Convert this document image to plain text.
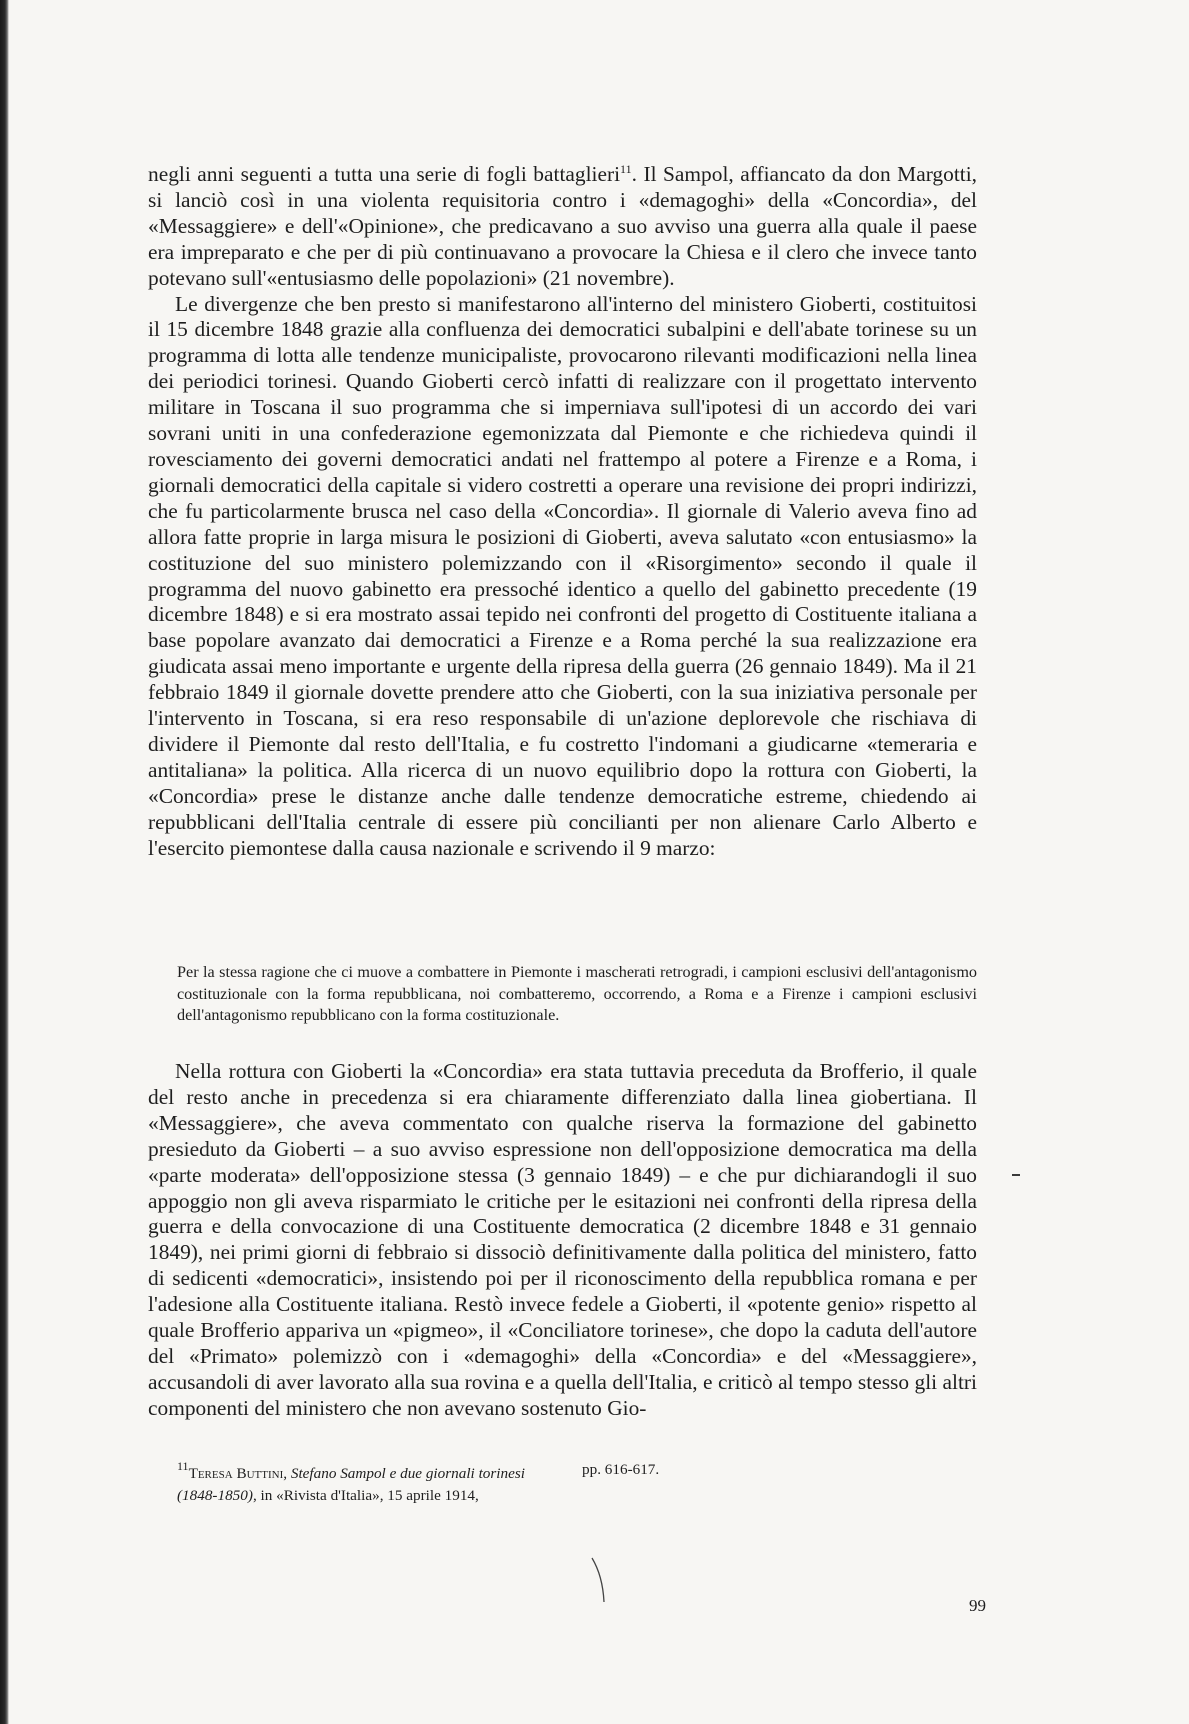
negli anni seguenti a tutta una serie di fogli battaglieri$^{11}$. Il Sampol, affiancato da don Margotti, si lanciò così in una violenta requisitoria contro i «demagoghi» della «Concordia», del «Messaggiere» e dell'«Opinione», che predicavano a suo avviso una guerra alla quale il paese era impreparato e che per di più continuavano a provocare la Chiesa e il clero che invece tanto potevano sull'«entusiasmo delle popolazioni» (21 novembre).

Le divergenze che ben presto si manifestarono all'interno del ministero Gioberti, costituitosi il 15 dicembre 1848 grazie alla confluenza dei democratici subalpini e dell'abate torinese su un programma di lotta alle tendenze municipaliste, provocarono rilevanti modificazioni nella linea dei periodici torinesi. Quando Gioberti cercò infatti di realizzare con il progettato intervento militare in Toscana il suo programma che si imperniava sull'ipotesi di un accordo dei vari sovrani uniti in una confederazione egemonizzata dal Piemonte e che richiedeva quindi il rovesciamento dei governi democratici andati nel frattempo al potere a Firenze e a Roma, i giornali democratici della capitale si videro costretti a operare una revisione dei propri indirizzi, che fu particolarmente brusca nel caso della «Concordia». Il giornale di Valerio aveva fino ad allora fatte proprie in larga misura le posizioni di Gioberti, aveva salutato «con entusiasmo» la costituzione del suo ministero polemizzando con il «Risorgimento» secondo il quale il programma del nuovo gabinetto era pressoché identico a quello del gabinetto precedente (19 dicembre 1848) e si era mostrato assai tepido nei confronti del progetto di Costituente italiana a base popolare avanzato dai democratici a Firenze e a Roma perché la sua realizzazione era giudicata assai meno importante e urgente della ripresa della guerra (26 gennaio 1849). Ma il 21 febbraio 1849 il giornale dovette prendere atto che Gioberti, con la sua iniziativa personale per l'intervento in Toscana, si era reso responsabile di un'azione deplorevole che rischiava di dividere il Piemonte dal resto dell'Italia, e fu costretto l'indomani a giudicarne «temeraria e antitaliana» la politica. Alla ricerca di un nuovo equilibrio dopo la rottura con Gioberti, la «Concordia» prese le distanze anche dalle tendenze democratiche estreme, chiedendo ai repubblicani dell'Italia centrale di essere più concilianti per non alienare Carlo Alberto e l'esercito piemontese dalla causa nazionale e scrivendo il 9 marzo:

Per la stessa ragione che ci muove a combattere in Piemonte i mascherati retrogradi, i campioni esclusivi dell'antagonismo costituzionale con la forma repubblicana, noi combatteremo, occorrendo, a Roma e a Firenze i campioni esclusivi dell'antagonismo repubblicano con la forma costituzionale.

Nella rottura con Gioberti la «Concordia» era stata tuttavia preceduta da Brofferio, il quale del resto anche in precedenza si era chiaramente differenziato dalla linea giobertiana. Il «Messaggiere», che aveva commentato con qualche riserva la formazione del gabinetto presieduto da Gioberti – a suo avviso espressione non dell'opposizione democratica ma della «parte moderata» dell'opposizione stessa (3 gennaio 1849) – e che pur dichiarandogli il suo appoggio non gli aveva risparmiato le critiche per le esitazioni nei confronti della ripresa della guerra e della convocazione di una Costituente democratica (2 dicembre 1848 e 31 gennaio 1849), nei primi giorni di febbraio si dissociò definitivamente dalla politica del ministero, fatto di sedicenti «democratici», insistendo poi per il riconoscimento della repubblica romana e per l'adesione alla Costituente italiana. Restò invece fedele a Gioberti, il «potente genio» rispetto al quale Brofferio appariva un «pigmeo», il «Conciliatore torinese», che dopo la caduta dell'autore del «Primato» polemizzò con i «demagoghi» della «Concordia» e del «Messaggiere», accusandoli di aver lavorato alla sua rovina e a quella dell'Italia, e criticò al tempo stesso gli altri componenti del ministero che non avevano sostenuto Gio-

$^{11}$Teresa Buttini, Stefano Sampol e due giornali torinesi (1848-1850), in «Rivista d'Italia», 15 aprile 1914,
pp. 616-617.
99
